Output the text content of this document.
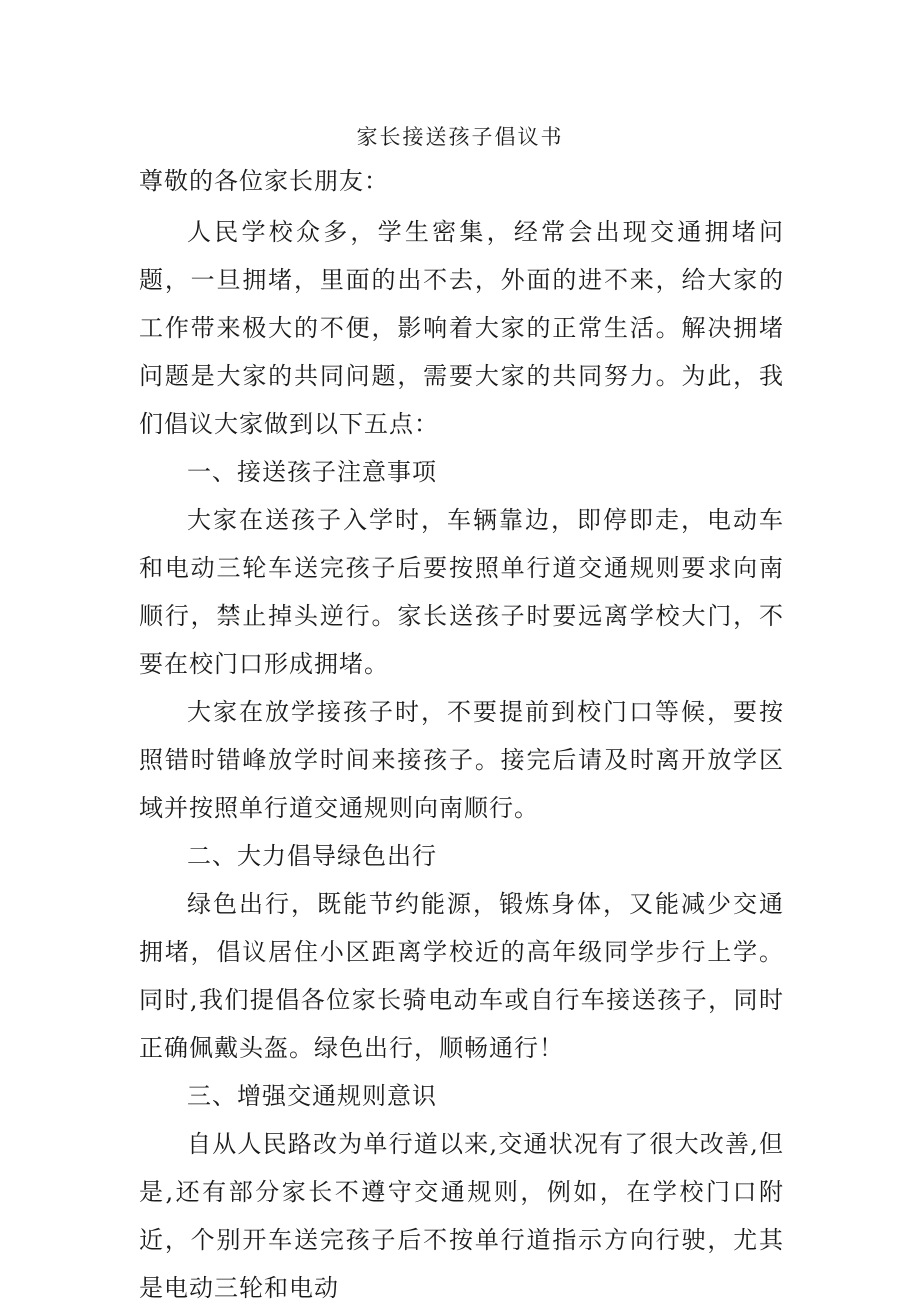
家长接送孩子倡议书
尊敬的各位家长朋友：

人民学校众多，学生密集，经常会出现交通拥堵问题，一旦拥堵，里面的出不去，外面的进不来，给大家的工作带来极大的不便，影响着大家的正常生活。解决拥堵问题是大家的共同问题，需要大家的共同努力。为此，我们倡议大家做到以下五点：

一、接送孩子注意事项

大家在送孩子入学时，车辆靠边，即停即走，电动车和电动三轮车送完孩子后要按照单行道交通规则要求向南顺行，禁止掉头逆行。家长送孩子时要远离学校大门，不要在校门口形成拥堵。

大家在放学接孩子时，不要提前到校门口等候，要按照错时错峰放学时间来接孩子。接完后请及时离开放学区域并按照单行道交通规则向南顺行。

二、大力倡导绿色出行

绿色出行，既能节约能源，锻炼身体，又能减少交通拥堵，倡议居住小区距离学校近的高年级同学步行上学。同时,我们提倡各位家长骑电动车或自行车接送孩子，同时正确佩戴头盔。绿色出行，顺畅通行！

三、增强交通规则意识

自从人民路改为单行道以来,交通状况有了很大改善,但是,还有部分家长不遵守交通规则，例如，在学校门口附近，个别开车送完孩子后不按单行道指示方向行驶，尤其是电动三轮和电动
